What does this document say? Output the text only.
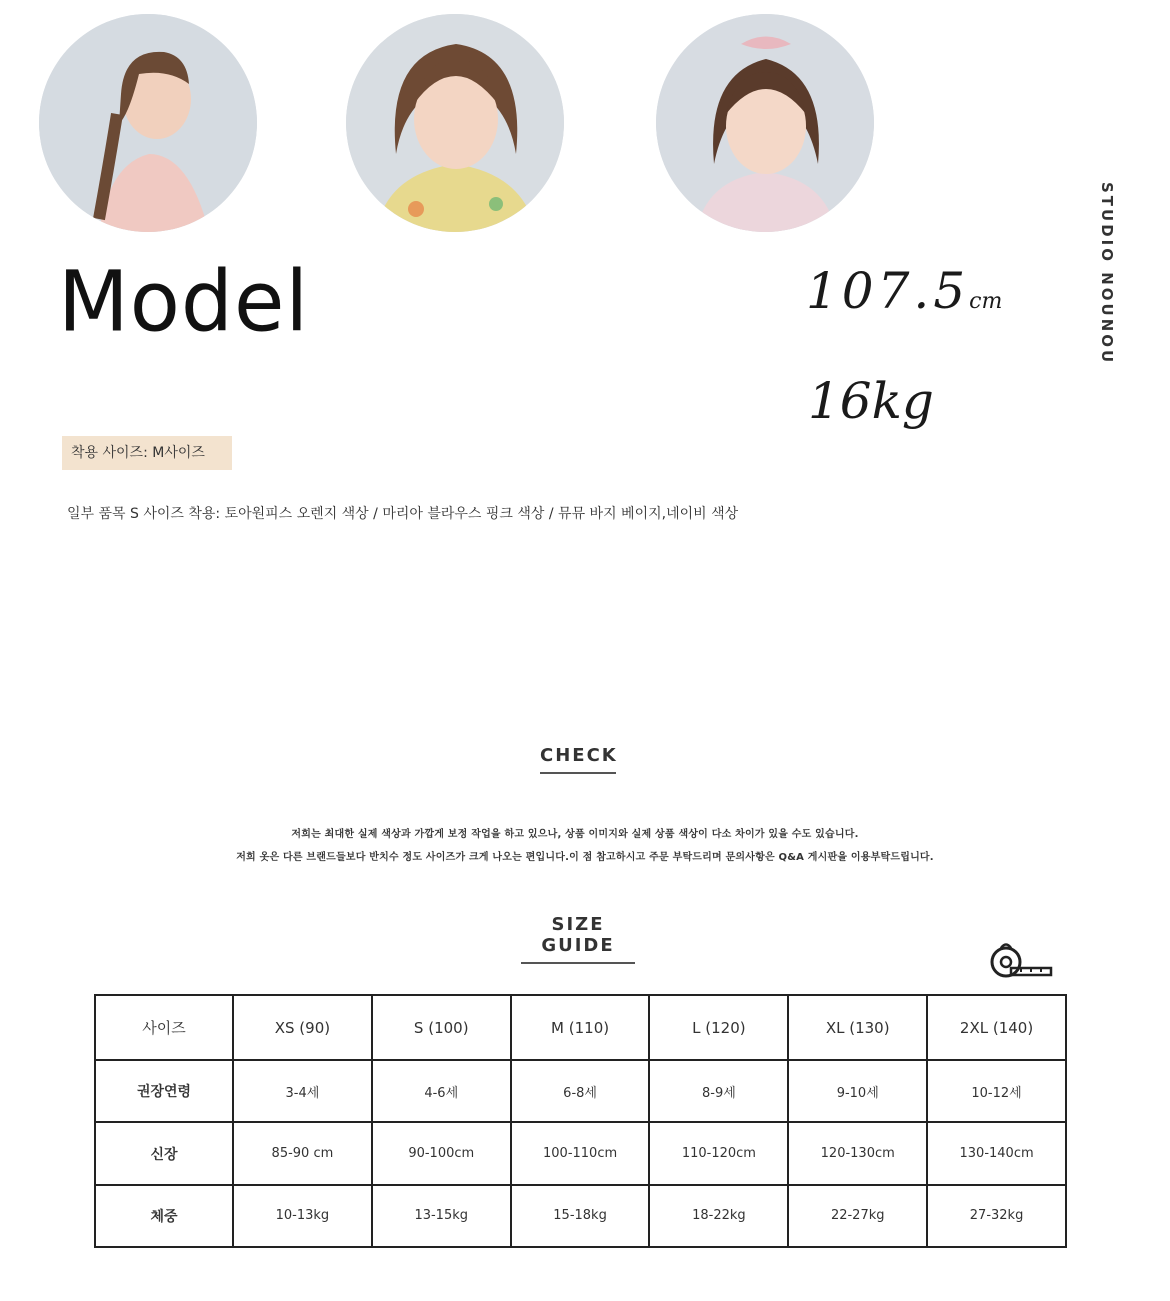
STUDIO NOUNOU
Model	107.5cm
16kg
착용 사이즈: M사이즈
일부 품목 S 사이즈 착용: 토아원피스 오렌지 색상 / 마리아 블라우스 핑크 색상 / 뮤뮤 바지 베이지,네이비 색상
CHECK
저희는 최대한 실제 색상과 가깝게 보정 작업을 하고 있으나, 상품 이미지와 실제 상품 색상이 다소 차이가 있을 수도 있습니다.
저희 옷은 다른 브랜드들보다 반치수 정도 사이즈가 크게 나오는 편입니다.이 점 참고하시고 주문 부탁드리며 문의사항은 Q&A 게시판을 이용부탁드립니다.
SIZE GUIDE
사이즈	XS (90)	S (100)	M (110)	L (120)	XL (130)	2XL (140)
권장연령	3-4세	4-6세	6-8세	8-9세	9-10세	10-12세
신장	85-90 cm	90-100cm	100-110cm	110-120cm	120-130cm	130-140cm
체중	10-13kg	13-15kg	15-18kg	18-22kg	22-27kg	27-32kg
